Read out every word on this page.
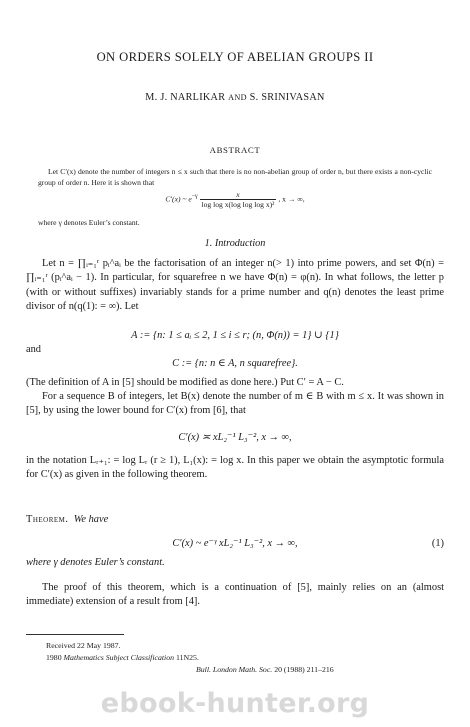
ON ORDERS SOLELY OF ABELIAN GROUPS II
M. J. NARLIKAR AND S. SRINIVASAN
ABSTRACT
Let C′(x) denote the number of integers n ≤ x such that there is no non-abelian group of order n, but there exists a non-cyclic group of order n. Here it is shown that
C′(x) ~ $e^{-\gamma} \frac{x}{\text{log log x(log log log x)²}}$ , x → ∞,
where γ denotes Euler’s constant.
1. Introduction
Let n = ∏ᵢ₌₁ʳ pᵢ^aᵢ be the factorisation of an integer n(> 1) into prime powers, and set Φ(n) = ∏ᵢ₌₁ʳ (pᵢ^aᵢ − 1). In particular, for squarefree n we have Φ(n) = φ(n). In what follows, the letter p (with or without suffixes) invariably stands for a prime number and q(n) denotes the least prime divisor of n(q(1): = ∞). Let
A := {n: 1 ≤ aᵢ ≤ 2, 1 ≤ i ≤ r; (n, Φ(n)) = 1} ∪ {1}
and
C := {n: n ∈ A, n squarefree}.
(The definition of A in [5] should be modified as done here.) Put C′ = A − C.
For a sequence B of integers, let B(x) denote the number of m ∈ B with m ≤ x. It was shown in [5], by using the lower bound for C′(x) from [6], that
C′(x) ≍ xL₂⁻¹ L₃⁻², x → ∞,
in the notation Lᵣ₊₁: = log Lᵣ (r ≥ 1), L₁(x): = log x. In this paper we obtain the asymptotic formula for C′(x) as given in the following theorem.
Theorem. We have
C′(x) ~ e⁻ᵞ xL₂⁻¹ L₃⁻², x → ∞,	(1)
where γ denotes Euler’s constant.
The proof of this theorem, which is a continuation of [5], mainly relies on an (almost immediate) extension of a result from [4].
Received 22 May 1987.
1980 Mathematics Subject Classification 11N25.
Bull. London Math. Soc. 20 (1988) 211–216
ebook-hunter.org
